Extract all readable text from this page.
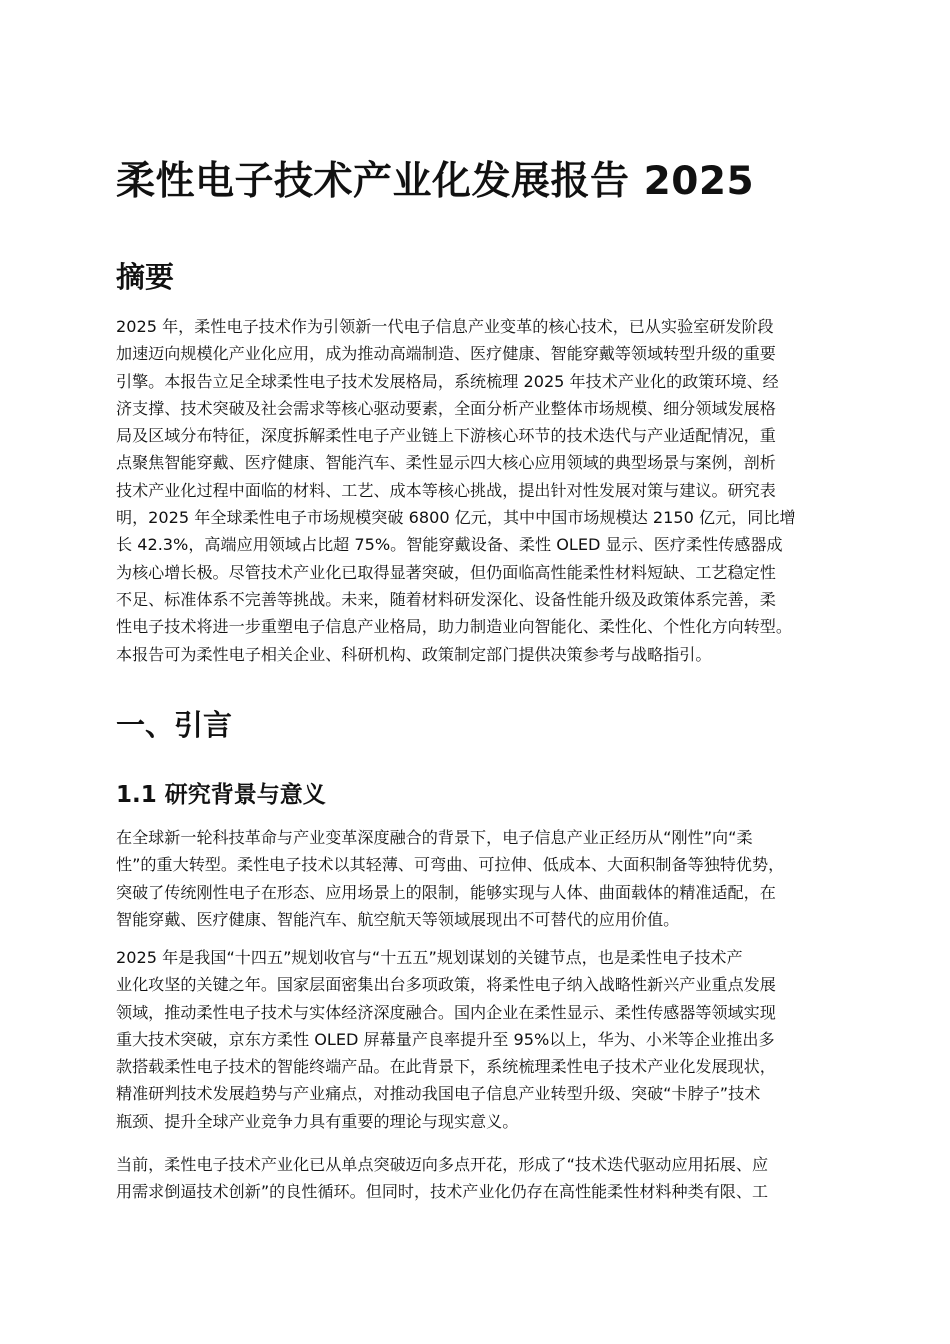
柔性电子技术产业化发展报告 2025
摘要
2025 年，柔性电子技术作为引领新一代电子信息产业变革的核心技术，已从实验室研发阶段
加速迈向规模化产业化应用，成为推动高端制造、医疗健康、智能穿戴等领域转型升级的重要
引擎。本报告立足全球柔性电子技术发展格局，系统梳理 2025 年技术产业化的政策环境、经
济支撑、技术突破及社会需求等核心驱动要素，全面分析产业整体市场规模、细分领域发展格
局及区域分布特征，深度拆解柔性电子产业链上下游核心环节的技术迭代与产业适配情况，重
点聚焦智能穿戴、医疗健康、智能汽车、柔性显示四大核心应用领域的典型场景与案例，剖析
技术产业化过程中面临的材料、工艺、成本等核心挑战，提出针对性发展对策与建议。研究表
明，2025 年全球柔性电子市场规模突破 6800 亿元，其中中国市场规模达 2150 亿元，同比增
长 42.3%，高端应用领域占比超 75%。智能穿戴设备、柔性 OLED 显示、医疗柔性传感器成
为核心增长极。尽管技术产业化已取得显著突破，但仍面临高性能柔性材料短缺、工艺稳定性
不足、标准体系不完善等挑战。未来，随着材料研发深化、设备性能升级及政策体系完善，柔
性电子技术将进一步重塑电子信息产业格局，助力制造业向智能化、柔性化、个性化方向转型。
本报告可为柔性电子相关企业、科研机构、政策制定部门提供决策参考与战略指引。
一、引言
1.1 研究背景与意义
在全球新一轮科技革命与产业变革深度融合的背景下，电子信息产业正经历从“刚性”向“柔
性”的重大转型。柔性电子技术以其轻薄、可弯曲、可拉伸、低成本、大面积制备等独特优势，
突破了传统刚性电子在形态、应用场景上的限制，能够实现与人体、曲面载体的精准适配，在
智能穿戴、医疗健康、智能汽车、航空航天等领域展现出不可替代的应用价值。
2025 年是我国“十四五”规划收官与“十五五”规划谋划的关键节点，也是柔性电子技术产
业化攻坚的关键之年。国家层面密集出台多项政策，将柔性电子纳入战略性新兴产业重点发展
领域，推动柔性电子技术与实体经济深度融合。国内企业在柔性显示、柔性传感器等领域实现
重大技术突破，京东方柔性 OLED 屏幕量产良率提升至 95%以上，华为、小米等企业推出多
款搭载柔性电子技术的智能终端产品。在此背景下，系统梳理柔性电子技术产业化发展现状，
精准研判技术发展趋势与产业痛点，对推动我国电子信息产业转型升级、突破“卡脖子”技术
瓶颈、提升全球产业竞争力具有重要的理论与现实意义。
当前，柔性电子技术产业化已从单点突破迈向多点开花，形成了“技术迭代驱动应用拓展、应
用需求倒逼技术创新”的良性循环。但同时，技术产业化仍存在高性能柔性材料种类有限、工
